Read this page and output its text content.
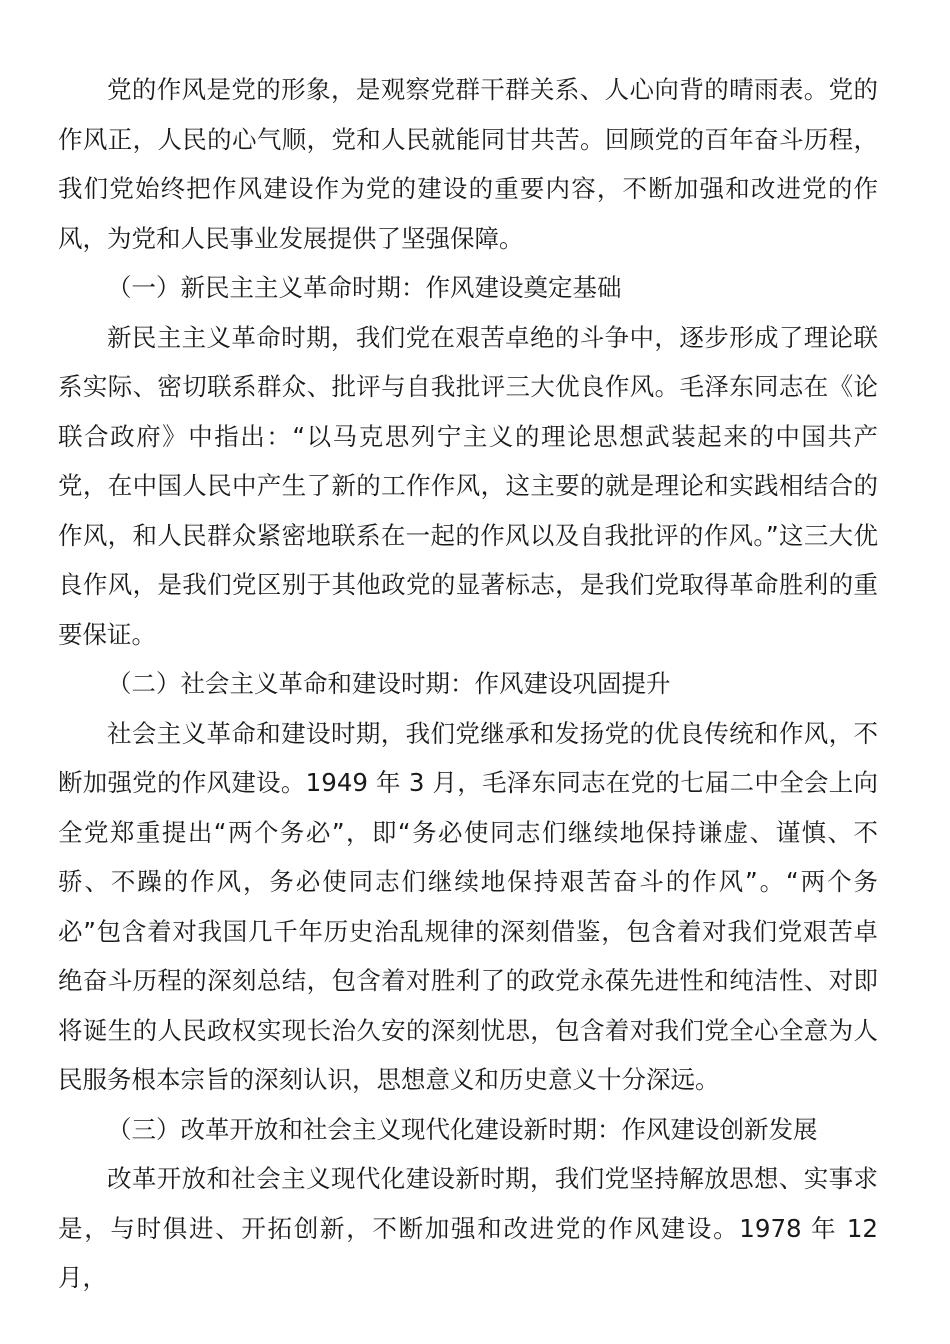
党的作风是党的形象，是观察党群干群关系、人心向背的晴雨表。党的作风正，人民的心气顺，党和人民就能同甘共苦。回顾党的百年奋斗历程，我们党始终把作风建设作为党的建设的重要内容，不断加强和改进党的作风，为党和人民事业发展提供了坚强保障。

（一）新民主主义革命时期：作风建设奠定基础

新民主主义革命时期，我们党在艰苦卓绝的斗争中，逐步形成了理论联系实际、密切联系群众、批评与自我批评三大优良作风。毛泽东同志在《论联合政府》中指出：“以马克思列宁主义的理论思想武装起来的中国共产党，在中国人民中产生了新的工作作风，这主要的就是理论和实践相结合的作风，和人民群众紧密地联系在一起的作风以及自我批评的作风。”这三大优良作风，是我们党区别于其他政党的显著标志，是我们党取得革命胜利的重要保证。

（二）社会主义革命和建设时期：作风建设巩固提升

社会主义革命和建设时期，我们党继承和发扬党的优良传统和作风，不断加强党的作风建设。1949 年 3 月，毛泽东同志在党的七届二中全会上向全党郑重提出“两个务必”，即“务必使同志们继续地保持谦虚、谨慎、不骄、不躁的作风，务必使同志们继续地保持艰苦奋斗的作风”。“两个务必”包含着对我国几千年历史治乱规律的深刻借鉴，包含着对我们党艰苦卓绝奋斗历程的深刻总结，包含着对胜利了的政党永葆先进性和纯洁性、对即将诞生的人民政权实现长治久安的深刻忧思，包含着对我们党全心全意为人民服务根本宗旨的深刻认识，思想意义和历史意义十分深远。

（三）改革开放和社会主义现代化建设新时期：作风建设创新发展

改革开放和社会主义现代化建设新时期，我们党坚持解放思想、实事求是，与时俱进、开拓创新，不断加强和改进党的作风建设。1978 年 12 月，
